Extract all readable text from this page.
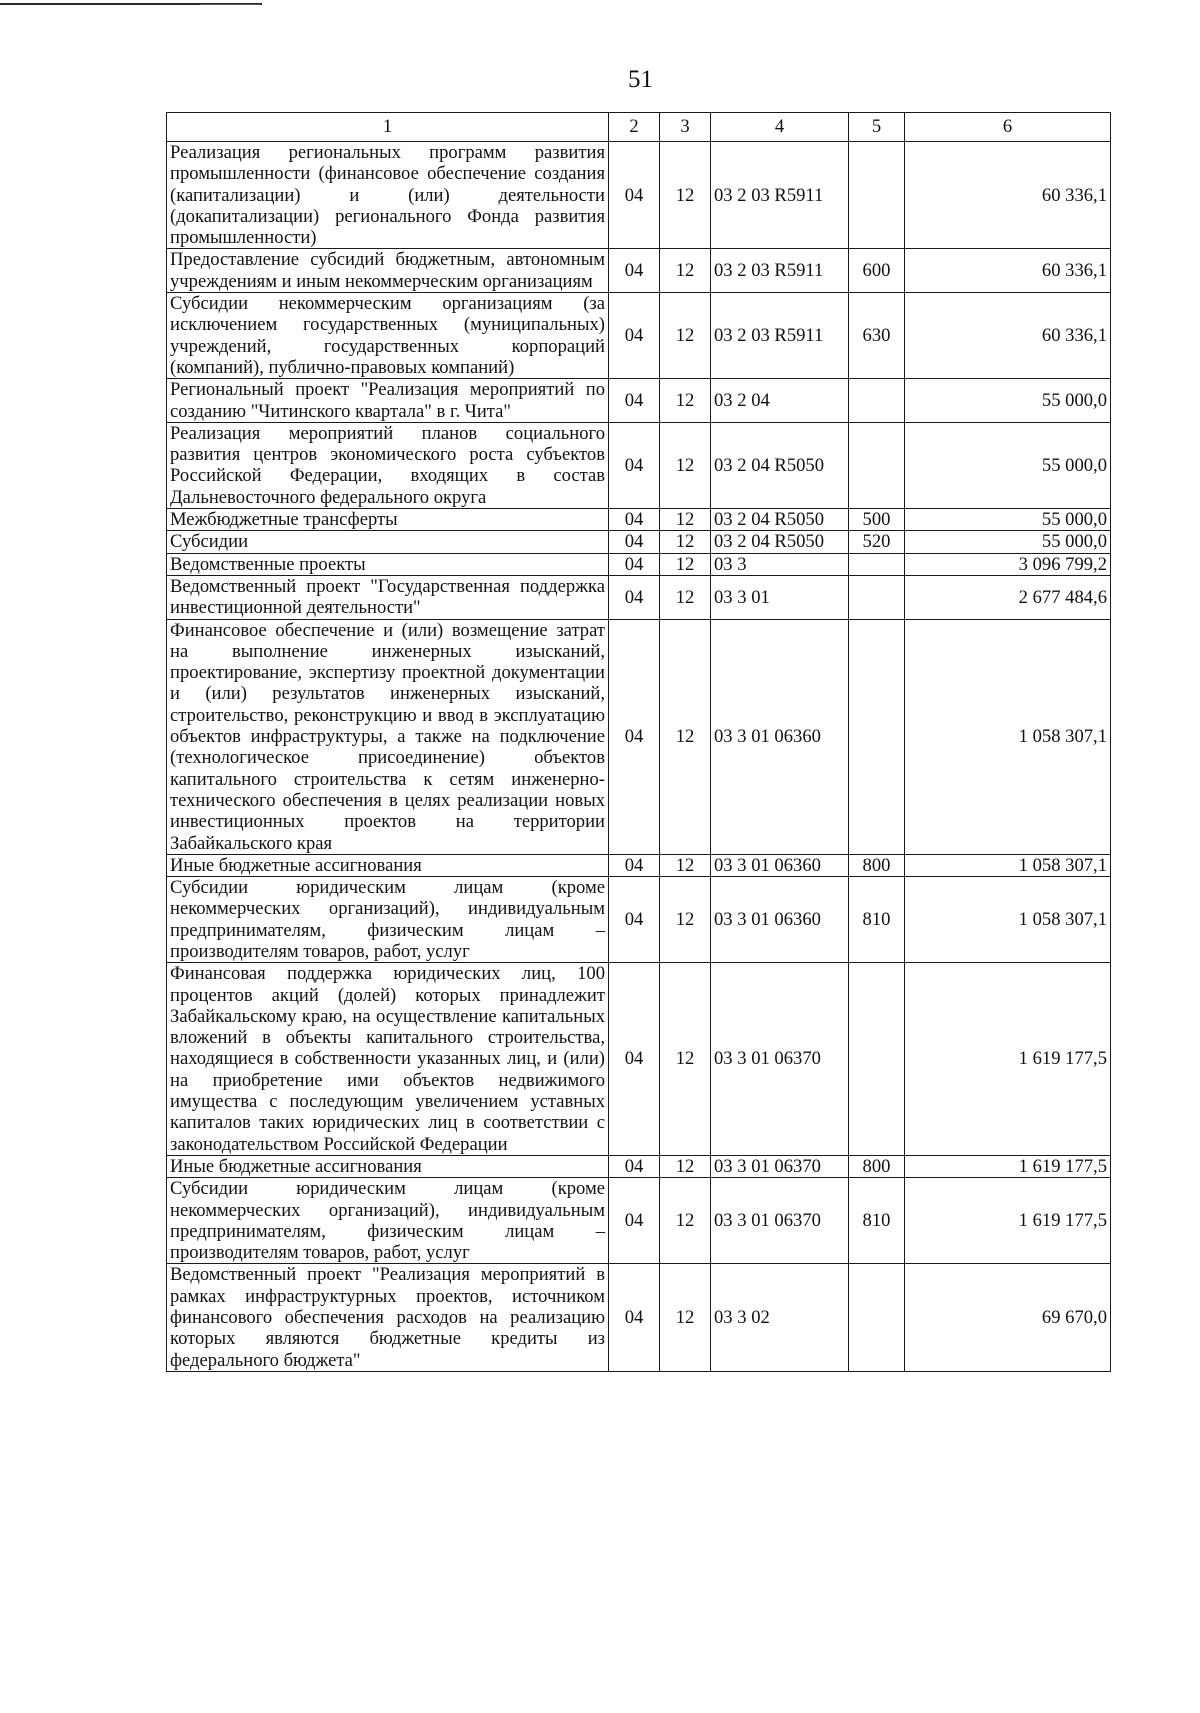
51
1	2	3	4	5	6
Реализация региональных программ развития промышленности (финансовое обеспечение создания (капитализации) и (или) деятельности (докапитализации) регионального Фонда развития промышленности)	04	12	03 2 03 R5911		60 336,1
Предоставление субсидий бюджетным, автономным учреждениям и иным некоммерческим организациям	04	12	03 2 03 R5911	600	60 336,1
Субсидии некоммерческим организациям (за исключением государственных (муниципальных) учреждений, государственных корпораций (компаний), публично-правовых компаний)	04	12	03 2 03 R5911	630	60 336,1
Региональный проект "Реализация мероприятий по созданию "Читинского квартала" в г. Чита"	04	12	03 2 04		55 000,0
Реализация мероприятий планов социального развития центров экономического роста субъектов Российской Федерации, входящих в состав Дальневосточного федерального округа	04	12	03 2 04 R5050		55 000,0
Межбюджетные трансферты	04	12	03 2 04 R5050	500	55 000,0
Субсидии	04	12	03 2 04 R5050	520	55 000,0
Ведомственные проекты	04	12	03 3		3 096 799,2
Ведомственный проект "Государственная поддержка инвестиционной деятельности"	04	12	03 3 01		2 677 484,6
Финансовое обеспечение и (или) возмещение затрат на выполнение инженерных изысканий, проектирование, экспертизу проектной документации и (или) результатов инженерных изысканий, строительство, реконструкцию и ввод в эксплуатацию объектов инфраструктуры, а также на подключение (технологическое присоединение) объектов капитального строительства к сетям инженерно-технического обеспечения в целях реализации новых инвестиционных проектов на территории Забайкальского края	04	12	03 3 01 06360		1 058 307,1
Иные бюджетные ассигнования	04	12	03 3 01 06360	800	1 058 307,1
Субсидии юридическим лицам (кроме некоммерческих организаций), индивидуальным предпринимателям, физическим лицам – производителям товаров, работ, услуг	04	12	03 3 01 06360	810	1 058 307,1
Финансовая поддержка юридических лиц, 100 процентов акций (долей) которых принадлежит Забайкальскому краю, на осуществление капитальных вложений в объекты капитального строительства, находящиеся в собственности указанных лиц, и (или) на приобретение ими объектов недвижимого имущества с последующим увеличением уставных капиталов таких юридических лиц в соответствии с законодательством Российской Федерации	04	12	03 3 01 06370		1 619 177,5
Иные бюджетные ассигнования	04	12	03 3 01 06370	800	1 619 177,5
Субсидии юридическим лицам (кроме некоммерческих организаций), индивидуальным предпринимателям, физическим лицам – производителям товаров, работ, услуг	04	12	03 3 01 06370	810	1 619 177,5
Ведомственный проект "Реализация мероприятий в рамках инфраструктурных проектов, источником финансового обеспечения расходов на реализацию которых являются бюджетные кредиты из федерального бюджета"	04	12	03 3 02		69 670,0
